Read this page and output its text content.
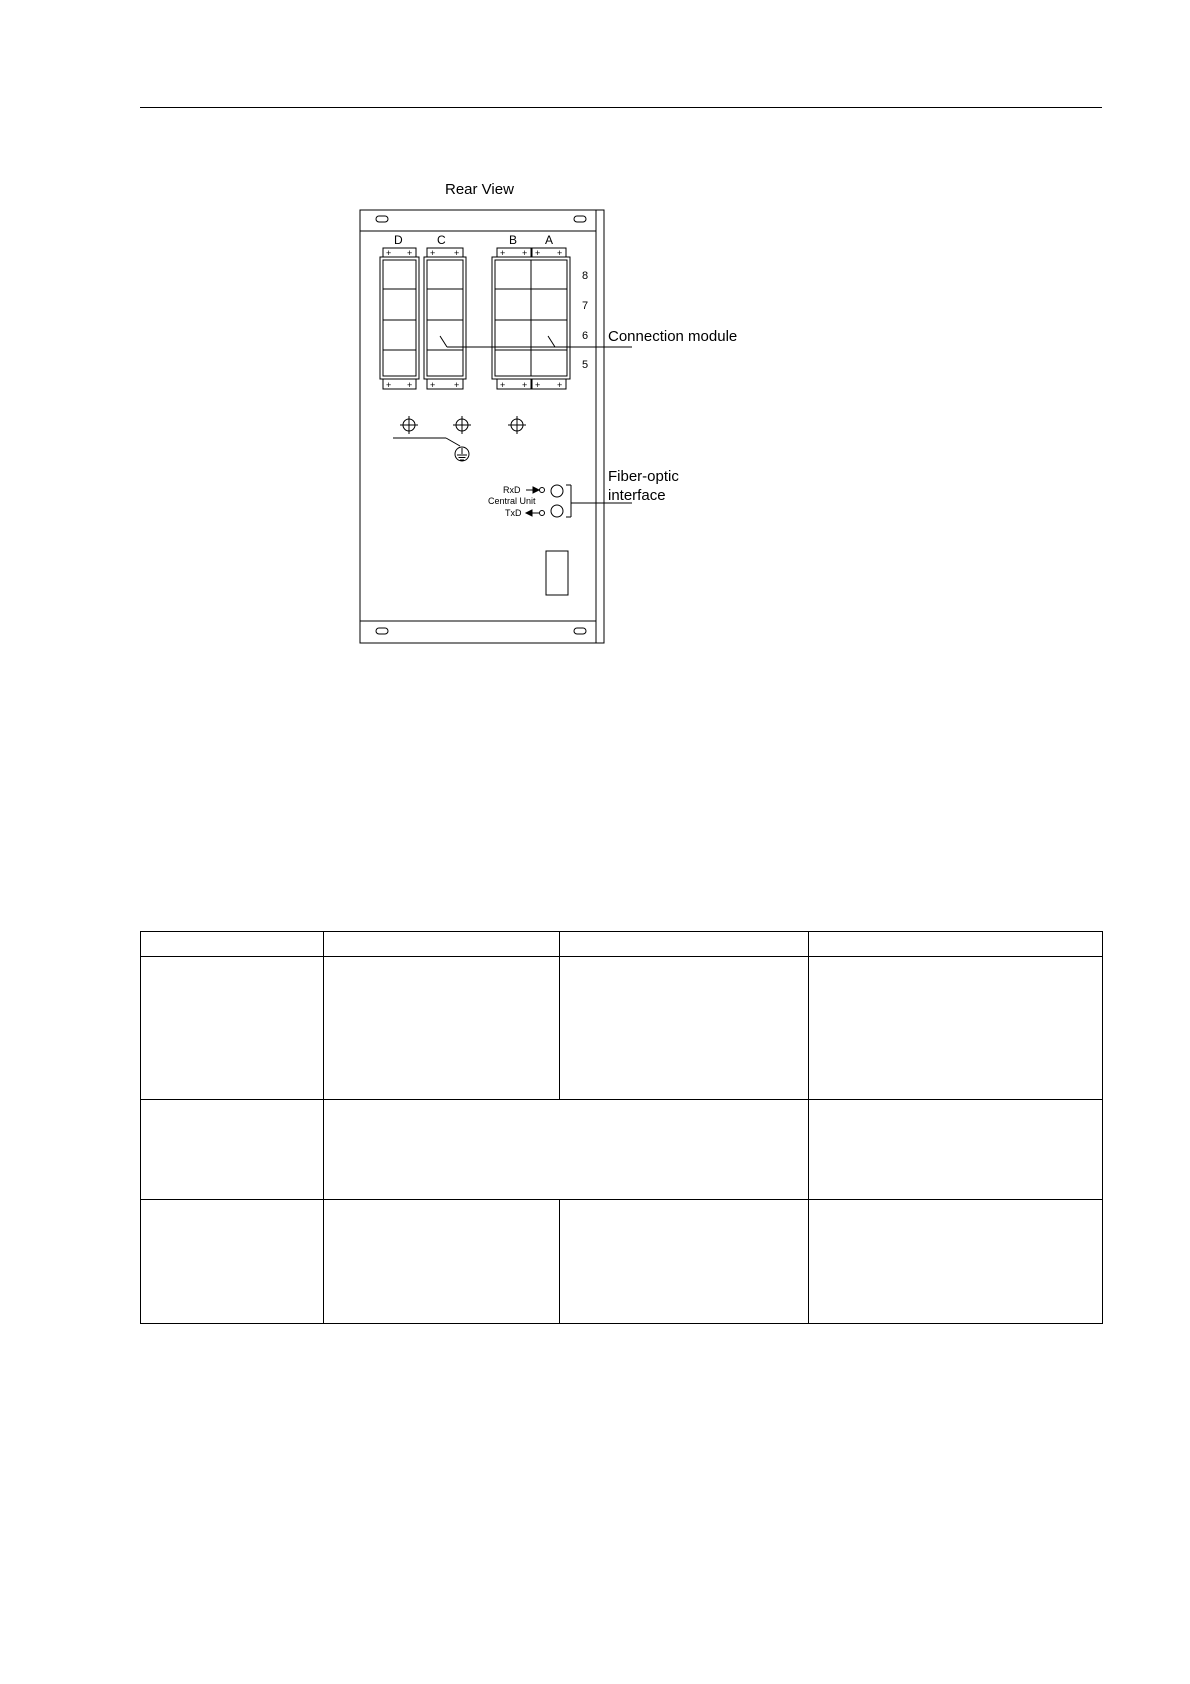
Rear View
D	C	B A
+ + + +	+ + + +
+ + + +	+ + + +
8
7
6
5
Connection module
RxD
Central Unit
TxD
Fiber-optic
interface
